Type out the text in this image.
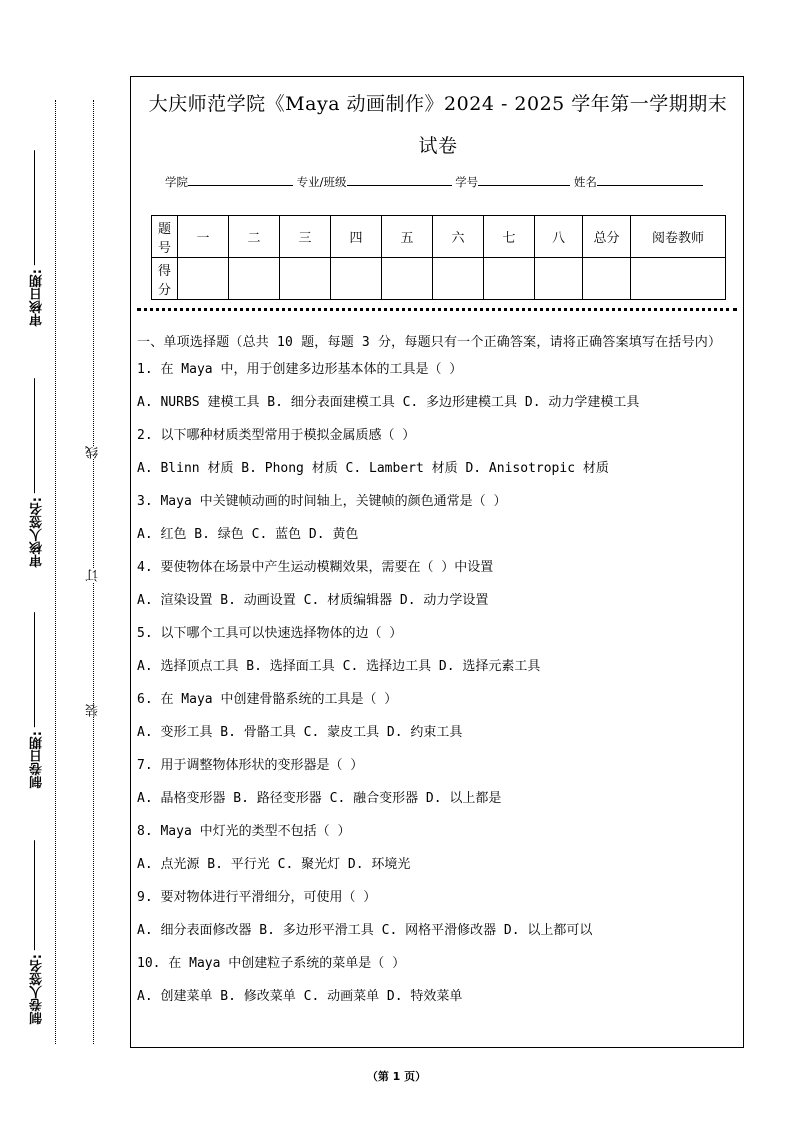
线
订
装
审核日期:
审核人签名:
制卷日期:
制卷人签名:
大庆师范学院《Maya 动画制作》2024 - 2025 学年第一学期期末
试卷
学院	专业/班级	学号	姓名
题号	一	二	三	四	五	六	七	八	总分	阅卷教师
得分										
一、单项选择题（总共 10 题，每题 3 分，每题只有一个正确答案，请将正确答案填写在括号内）
1. 在 Maya 中，用于创建多边形基本体的工具是（ ）
A. NURBS 建模工具 B. 细分表面建模工具 C. 多边形建模工具 D. 动力学建模工具
2. 以下哪种材质类型常用于模拟金属质感（ ）
A. Blinn 材质 B. Phong 材质 C. Lambert 材质 D. Anisotropic 材质
3. Maya 中关键帧动画的时间轴上，关键帧的颜色通常是（ ）
A. 红色 B. 绿色 C. 蓝色 D. 黄色
4. 要使物体在场景中产生运动模糊效果，需要在（ ）中设置
A. 渲染设置 B. 动画设置 C. 材质编辑器 D. 动力学设置
5. 以下哪个工具可以快速选择物体的边（ ）
A. 选择顶点工具 B. 选择面工具 C. 选择边工具 D. 选择元素工具
6. 在 Maya 中创建骨骼系统的工具是（ ）
A. 变形工具 B. 骨骼工具 C. 蒙皮工具 D. 约束工具
7. 用于调整物体形状的变形器是（ ）
A. 晶格变形器 B. 路径变形器 C. 融合变形器 D. 以上都是
8. Maya 中灯光的类型不包括（ ）
A. 点光源 B. 平行光 C. 聚光灯 D. 环境光
9. 要对物体进行平滑细分，可使用（ ）
A. 细分表面修改器 B. 多边形平滑工具 C. 网格平滑修改器 D. 以上都可以
10. 在 Maya 中创建粒子系统的菜单是（ ）
A. 创建菜单 B. 修改菜单 C. 动画菜单 D. 特效菜单
（第 1 页）
